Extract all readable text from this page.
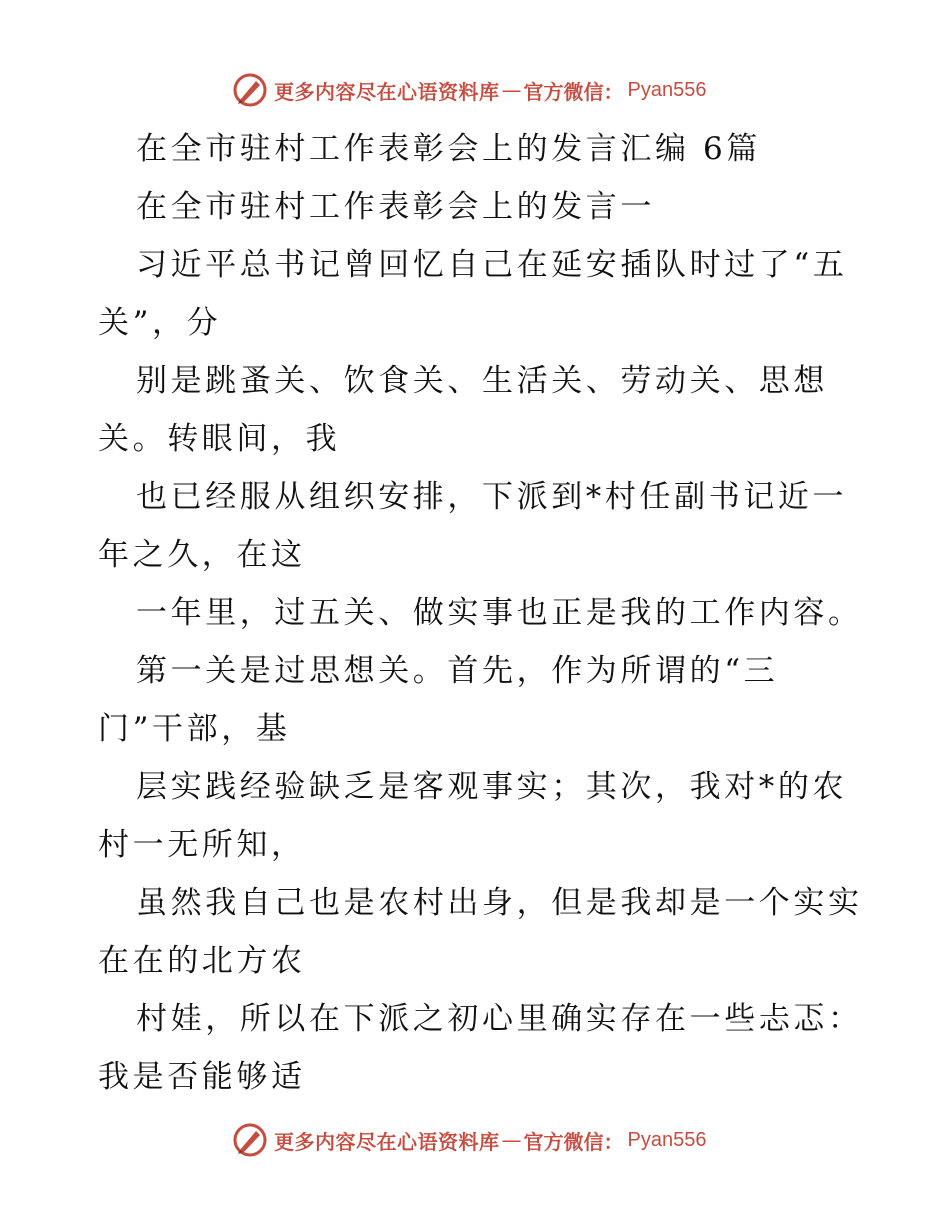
更多内容尽在心语资料库 — 官方微信： Pyan556
在全市驻村工作表彰会上的发言汇编 6篇
在全市驻村工作表彰会上的发言一
习近平总书记曾回忆自己在延安插队时过了“五
关”，分
别是跳蚤关、饮食关、生活关、劳动关、思想
关。转眼间，我
也已经服从组织安排，下派到*村任副书记近一
年之久，在这
一年里，过五关、做实事也正是我的工作内容。
第一关是过思想关。首先，作为所谓的“三
门”干部，基
层实践经验缺乏是客观事实；其次，我对*的农
村一无所知，
虽然我自己也是农村出身，但是我却是一个实实
在在的北方农
村娃，所以在下派之初心里确实存在一些忐忑：
我是否能够适
更多内容尽在心语资料库 — 官方微信： Pyan556
